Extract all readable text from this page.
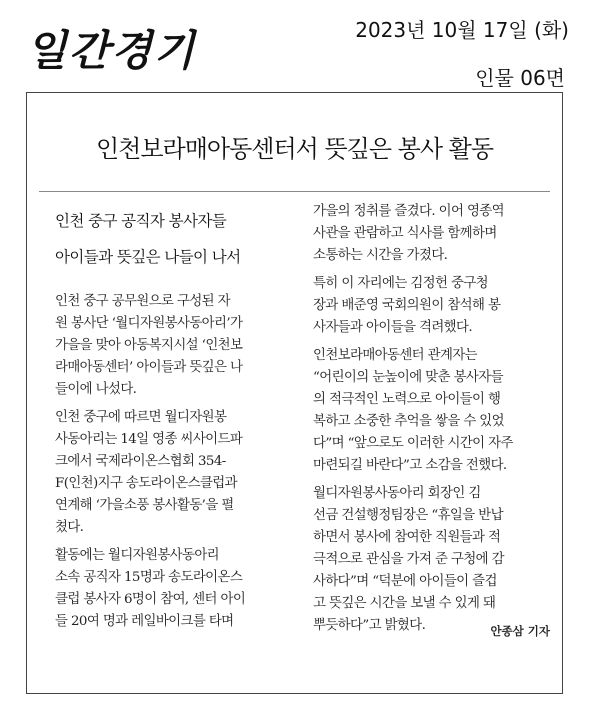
일간경기	2023년 10월 17일 (화)
인물 06면
인천보라매아동센터서 뜻깊은 봉사 활동
인천 중구 공직자 봉사자들
아이들과 뜻깊은 나들이 나서
인천 중구 공무원으로 구성된 자
원 봉사단 ‘월디자원봉사동아리’가
가을을 맞아 아동복지시설 ‘인천보
라매아동센터’ 아이들과 뜻깊은 나
들이에 나섰다.
인천 중구에 따르면 월디자원봉
사동아리는 14일 영종 씨사이드파
크에서 국제라이온스협회 354-
F(인천)지구 송도라이온스클럽과
연계해 ‘가을소풍 봉사활동’을 펼
쳤다.
활동에는 월디자원봉사동아리
소속 공직자 15명과 송도라이온스
클럽 봉사자 6명이 참여, 센터 아이
들 20여 명과 레일바이크를 타며
가을의 정취를 즐겼다. 이어 영종역
사관을 관람하고 식사를 함께하며
소통하는 시간을 가졌다.
특히 이 자리에는 김정헌 중구청
장과 배준영 국회의원이 참석해 봉
사자들과 아이들을 격려했다.
인천보라매아동센터 관계자는
“어린이의 눈높이에 맞춘 봉사자들
의 적극적인 노력으로 아이들이 행
복하고 소중한 추억을 쌓을 수 있었
다”며 “앞으로도 이러한 시간이 자주
마련되길 바란다”고 소감을 전했다.
월디자원봉사동아리 회장인 김
선금 건설행정팀장은 “휴일을 반납
하면서 봉사에 참여한 직원들과 적
극적으로 관심을 가져 준 구청에 감
사하다”며 “덕분에 아이들이 즐겁
고 뜻깊은 시간을 보낼 수 있게 돼
뿌듯하다”고 밝혔다.	안종삼 기자
